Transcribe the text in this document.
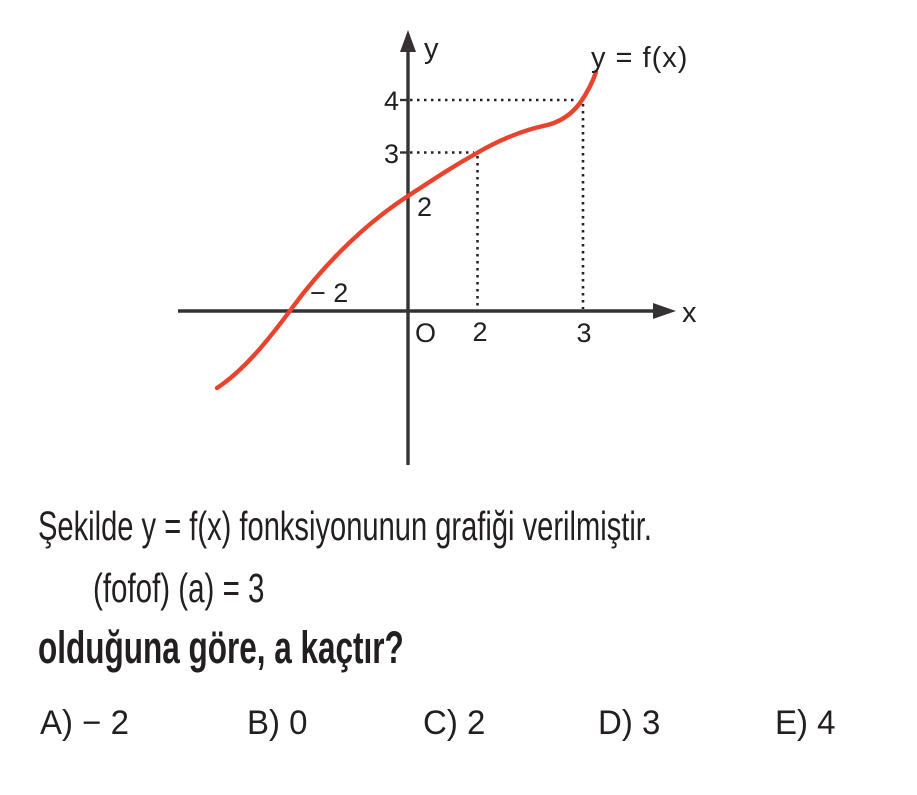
y
x
y = f(x)
4
3
2
− 2
O 2	3
Şekilde y = f(x) fonksiyonunun grafiği verilmiştir.
(fofof) (a) = 3
olduğuna göre, a kaçtır?
A) − 2	B) 0	C) 2	D) 3	E) 4
